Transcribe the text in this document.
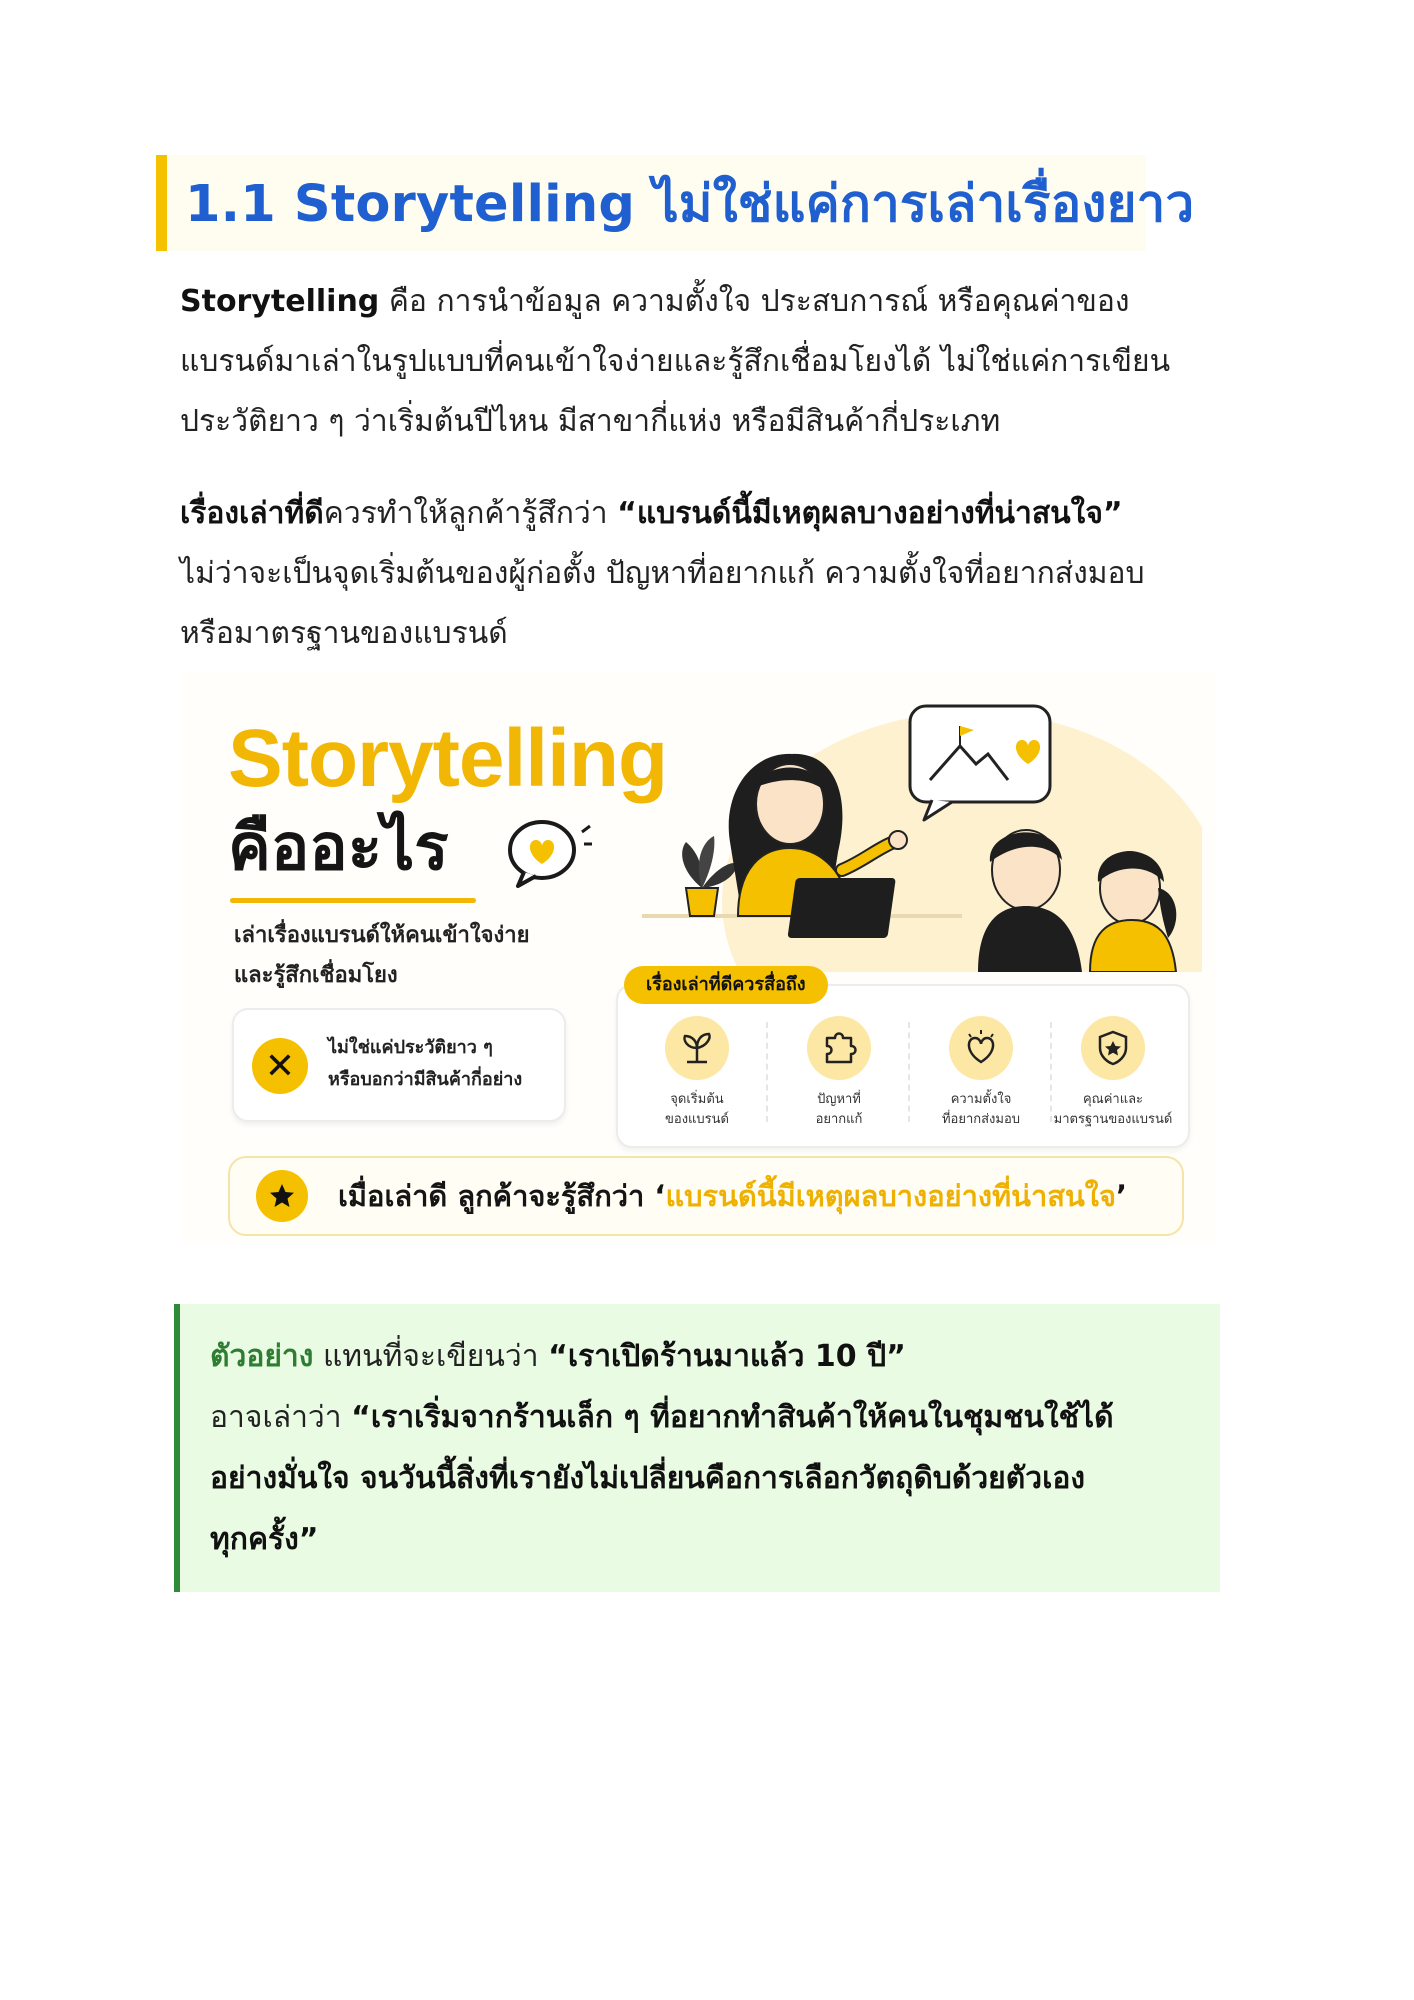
1.1 Storytelling ไม่ใช่แค่การเล่าเรื่องยาว

Storytelling คือ การนำข้อมูล ความตั้งใจ ประสบการณ์ หรือคุณค่าของ
แบรนด์มาเล่าในรูปแบบที่คนเข้าใจง่ายและรู้สึกเชื่อมโยงได้ ไม่ใช่แค่การเขียน
ประวัติยาว ๆ ว่าเริ่มต้นปีไหน มีสาขากี่แห่ง หรือมีสินค้ากี่ประเภท

เรื่องเล่าที่ดีควรทำให้ลูกค้ารู้สึกว่า “แบรนด์นี้มีเหตุผลบางอย่างที่น่าสนใจ”
ไม่ว่าจะเป็นจุดเริ่มต้นของผู้ก่อตั้ง ปัญหาที่อยากแก้ ความตั้งใจที่อยากส่งมอบ
หรือมาตรฐานของแบรนด์

Storytelling
คืออะไร
เล่าเรื่องแบรนด์ให้คนเข้าใจง่าย
และรู้สึกเชื่อมโยง
✕	ไม่ใช่แค่ประวัติยาว ๆ
หรือบอกว่ามีสินค้ากี่อย่าง
จุดเริ่มต้น
ของแบรนด์
ปัญหาที่
อยากแก้
ความตั้งใจ
ที่อยากส่งมอบ
คุณค่าและ
มาตรฐานของแบรนด์
เรื่องเล่าที่ดีควรสื่อถึง
เมื่อเล่าดี ลูกค้าจะรู้สึกว่า ‘แบรนด์นี้มีเหตุผลบางอย่างที่น่าสนใจ’
ตัวอย่าง แทนที่จะเขียนว่า “เราเปิดร้านมาแล้ว 10 ปี”
อาจเล่าว่า “เราเริ่มจากร้านเล็ก ๆ ที่อยากทำสินค้าให้คนในชุมชนใช้ได้
อย่างมั่นใจ จนวันนี้สิ่งที่เรายังไม่เปลี่ยนคือการเลือกวัตถุดิบด้วยตัวเอง
ทุกครั้ง”
